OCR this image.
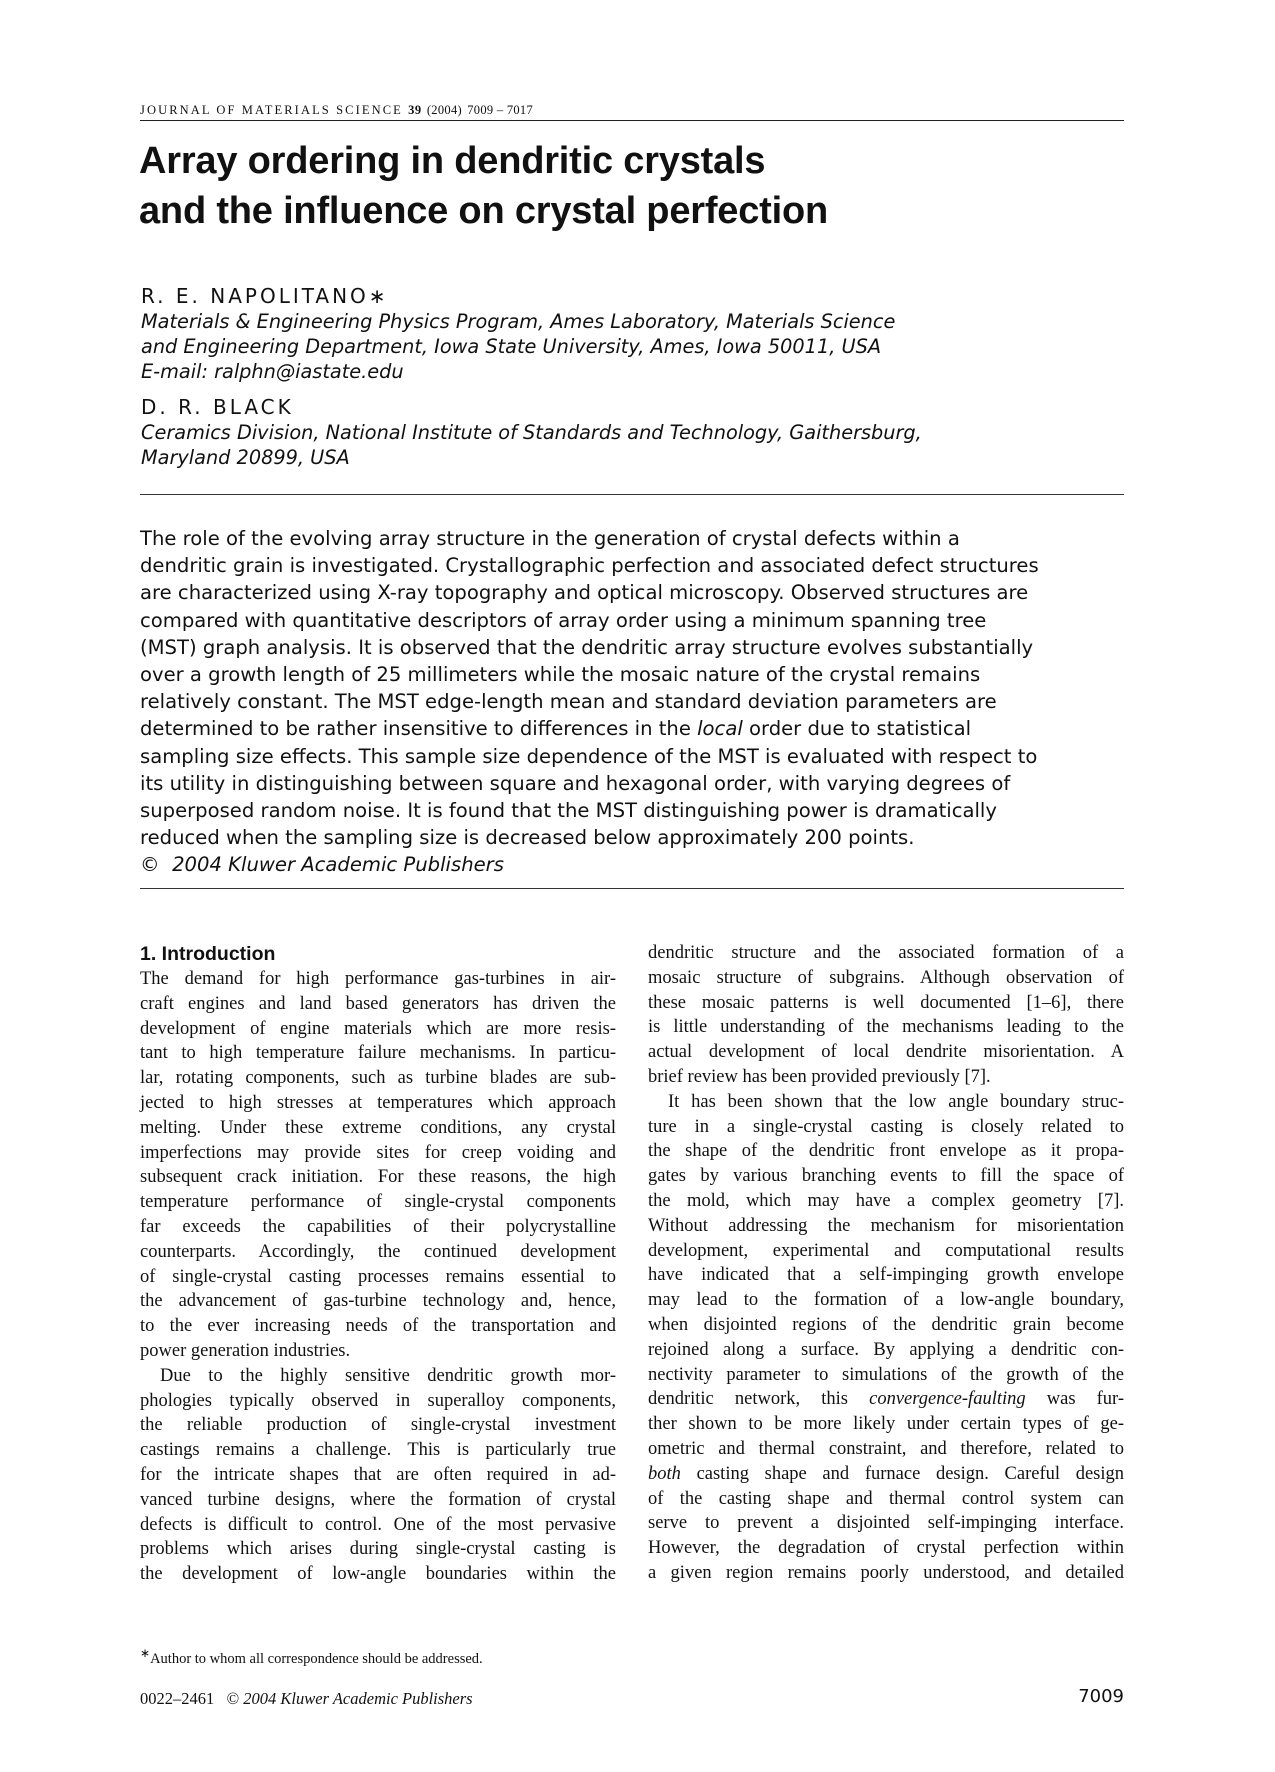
JOURNAL OF MATERIALS SCIENCE 39 (2004) 7009 – 7017
Array ordering in dendritic crystals
and the influence on crystal perfection
R. E. NAPOLITANO∗
Materials & Engineering Physics Program, Ames Laboratory, Materials Science
and Engineering Department, Iowa State University, Ames, Iowa 50011, USA
E-mail: ralphn@iastate.edu
D. R. BLACK
Ceramics Division, National Institute of Standards and Technology, Gaithersburg,
Maryland 20899, USA
The role of the evolving array structure in the generation of crystal defects within a
dendritic grain is investigated. Crystallographic perfection and associated defect structures
are characterized using X-ray topography and optical microscopy. Observed structures are
compared with quantitative descriptors of array order using a minimum spanning tree
(MST) graph analysis. It is observed that the dendritic array structure evolves substantially
over a growth length of 25 millimeters while the mosaic nature of the crystal remains
relatively constant. The MST edge-length mean and standard deviation parameters are
determined to be rather insensitive to differences in the local order due to statistical
sampling size effects. This sample size dependence of the MST is evaluated with respect to
its utility in distinguishing between square and hexagonal order, with varying degrees of
superposed random noise. It is found that the MST distinguishing power is dramatically
reduced when the sampling size is decreased below approximately 200 points.
© 2004 Kluwer Academic Publishers
1. Introduction
The demand for high performance gas-turbines in air-
craft engines and land based generators has driven the
development of engine materials which are more resis-
tant to high temperature failure mechanisms. In particu-
lar, rotating components, such as turbine blades are sub-
jected to high stresses at temperatures which approach
melting. Under these extreme conditions, any crystal
imperfections may provide sites for creep voiding and
subsequent crack initiation. For these reasons, the high
temperature performance of single-crystal components
far exceeds the capabilities of their polycrystalline
counterparts. Accordingly, the continued development
of single-crystal casting processes remains essential to
the advancement of gas-turbine technology and, hence,
to the ever increasing needs of the transportation and
power generation industries.
Due to the highly sensitive dendritic growth mor-
phologies typically observed in superalloy components,
the reliable production of single-crystal investment
castings remains a challenge. This is particularly true
for the intricate shapes that are often required in ad-
vanced turbine designs, where the formation of crystal
defects is difficult to control. One of the most pervasive
problems which arises during single-crystal casting is
the development of low-angle boundaries within the
dendritic structure and the associated formation of a
mosaic structure of subgrains. Although observation of
these mosaic patterns is well documented [1–6], there
is little understanding of the mechanisms leading to the
actual development of local dendrite misorientation. A
brief review has been provided previously [7].
It has been shown that the low angle boundary struc-
ture in a single-crystal casting is closely related to
the shape of the dendritic front envelope as it propa-
gates by various branching events to fill the space of
the mold, which may have a complex geometry [7].
Without addressing the mechanism for misorientation
development, experimental and computational results
have indicated that a self-impinging growth envelope
may lead to the formation of a low-angle boundary,
when disjointed regions of the dendritic grain become
rejoined along a surface. By applying a dendritic con-
nectivity parameter to simulations of the growth of the
dendritic network, this convergence-faulting was fur-
ther shown to be more likely under certain types of ge-
ometric and thermal constraint, and therefore, related to
both casting shape and furnace design. Careful design
of the casting shape and thermal control system can
serve to prevent a disjointed self-impinging interface.
However, the degradation of crystal perfection within
a given region remains poorly understood, and detailed
∗Author to whom all correspondence should be addressed.
0022–2461 © 2004 Kluwer Academic Publishers	7009
